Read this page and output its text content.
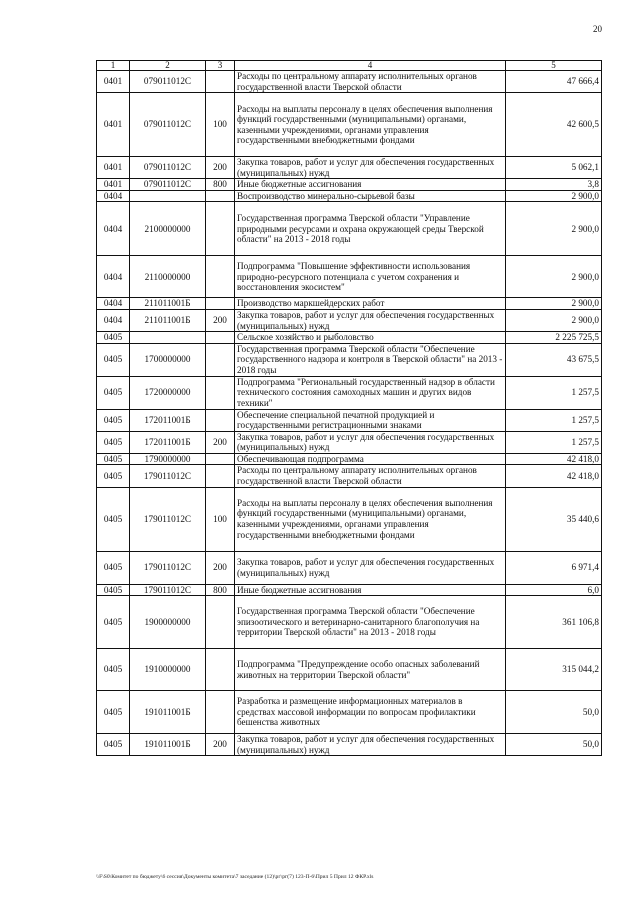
20
1	2	3	4	5
0401	079011012С		Расходы по центральному аппарату исполнительных органов государственной власти Тверской области	47 666,4
0401	079011012С	100	Расходы на выплаты персоналу в целях обеспечения выполнения функций государственными (муниципальными) органами, казенными учреждениями, органами управления государственными внебюджетными фондами	42 600,5
0401	079011012С	200	Закупка товаров, работ и услуг для обеспечения государственных (муниципальных) нужд	5 062,1
0401	079011012С	800	Иные бюджетные ассигнования	3,8
0404			Воспроизводство минерально-сырьевой базы	2 900,0
0404	2100000000		Государственная программа Тверской области "Управление природными ресурсами и охрана окружающей среды Тверской области" на 2013 - 2018 годы	2 900,0
0404	2110000000		Подпрограмма "Повышение эффективности использования природно-ресурсного потенциала с учетом сохранения и восстановления экосистем"	2 900,0
0404	211011001Б		Производство маркшейдерских работ	2 900,0
0404	211011001Б	200	Закупка товаров, работ и услуг для обеспечения государственных (муниципальных) нужд	2 900,0
0405			Сельское хозяйство и рыболовство	2 225 725,5
0405	1700000000		Государственная программа Тверской области "Обеспечение государственного надзора и контроля в Тверской области" на 2013 - 2018 годы	43 675,5
0405	1720000000		Подпрограмма "Региональный государственный надзор в области технического состояния самоходных машин и других видов техники"	1 257,5
0405	172011001Б		Обеспечение специальной печатной продукцией и государственными регистрационными знаками	1 257,5
0405	172011001Б	200	Закупка товаров, работ и услуг для обеспечения государственных (муниципальных) нужд	1 257,5
0405	1790000000		Обеспечивающая подпрограмма	42 418,0
0405	179011012С		Расходы по центральному аппарату исполнительных органов государственной власти Тверской области	42 418,0
0405	179011012С	100	Расходы на выплаты персоналу в целях обеспечения выполнения функций государственными (муниципальными) органами, казенными учреждениями, органами управления государственными внебюджетными фондами	35 440,6
0405	179011012С	200	Закупка товаров, работ и услуг для обеспечения государственных (муниципальных) нужд	6 971,4
0405	179011012С	800	Иные бюджетные ассигнования	6,0
0405	1900000000		Государственная программа Тверской области "Обеспечение эпизоотического и ветеринарно-санитарного благополучия на территории Тверской области" на 2013 - 2018 годы	361 106,8
0405	1910000000		Подпрограмма "Предупреждение особо опасных заболеваний животных на территории Тверской области"	315 044,2
0405	191011001Б		Разработка и размещение информационных материалов в средствах массовой информации по вопросам профилактики бешенства животных	50,0
0405	191011001Б	200	Закупка товаров, работ и услуг для обеспечения государственных (муниципальных) нужд	50,0
\\F\S0\Комитет по бюджету\6 сессия\Документы комитета\7 заседание (12)\рг\рг(7) 123-П-6\Прил 5 Прил 12 ФКР.xls
